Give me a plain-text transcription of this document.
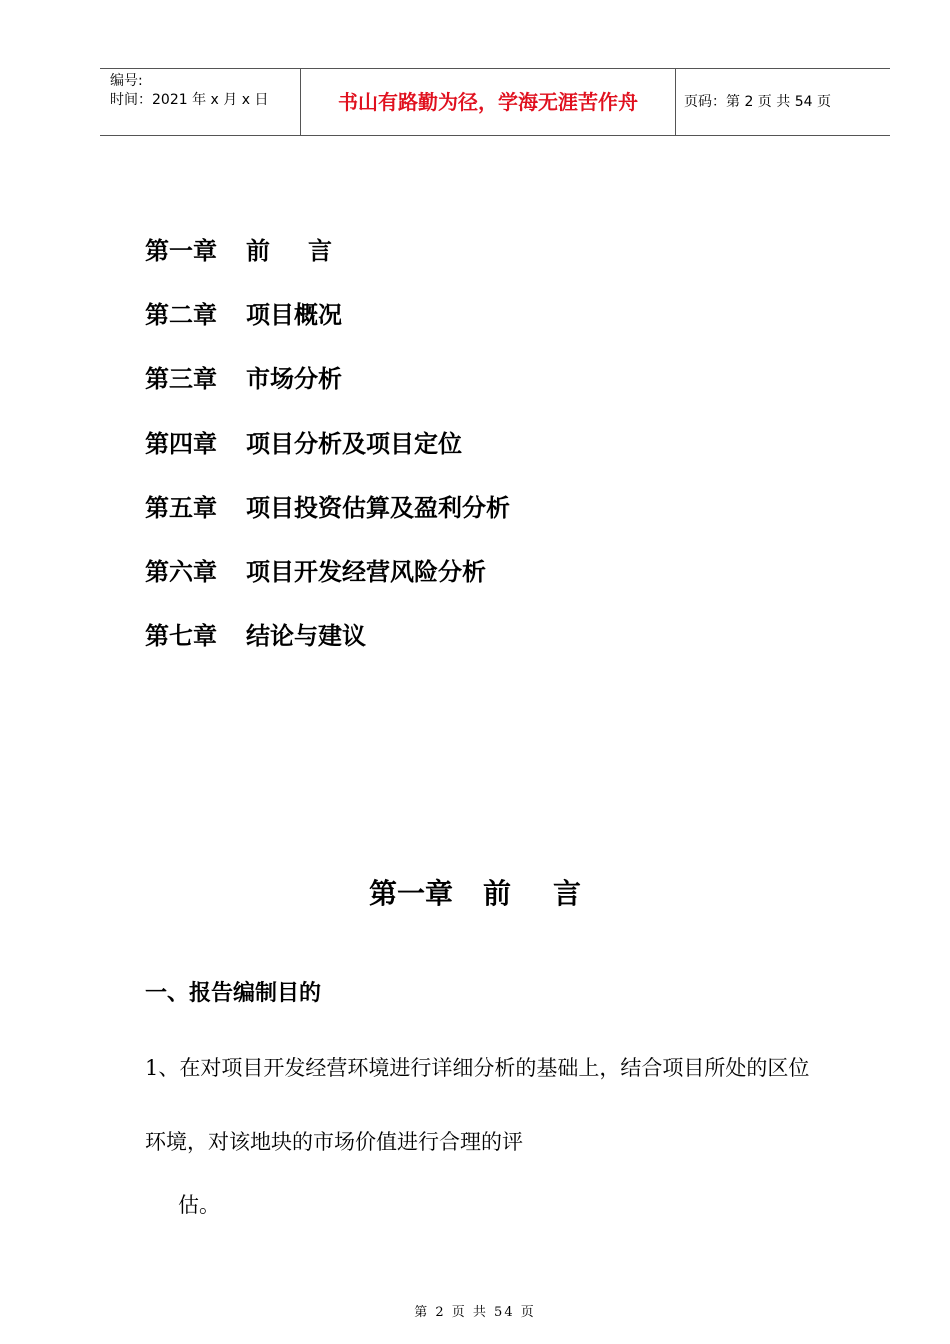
编号:
时间：2021 年 x 月 x 日	书山有路勤为径，学海无涯苦作舟	页码：第 2 页 共 54 页
第一章 前言
第二章 项目概况
第三章 市场分析
第四章 项目分析及项目定位
第五章 项目投资估算及盈利分析
第六章 项目开发经营风险分析
第七章 结论与建议
第一章 前言
一、报告编制目的
1、在对项目开发经营环境进行详细分析的基础上，结合项目所处的区位
环境，对该地块的市场价值进行合理的评
估。
第 2 页 共 54 页
